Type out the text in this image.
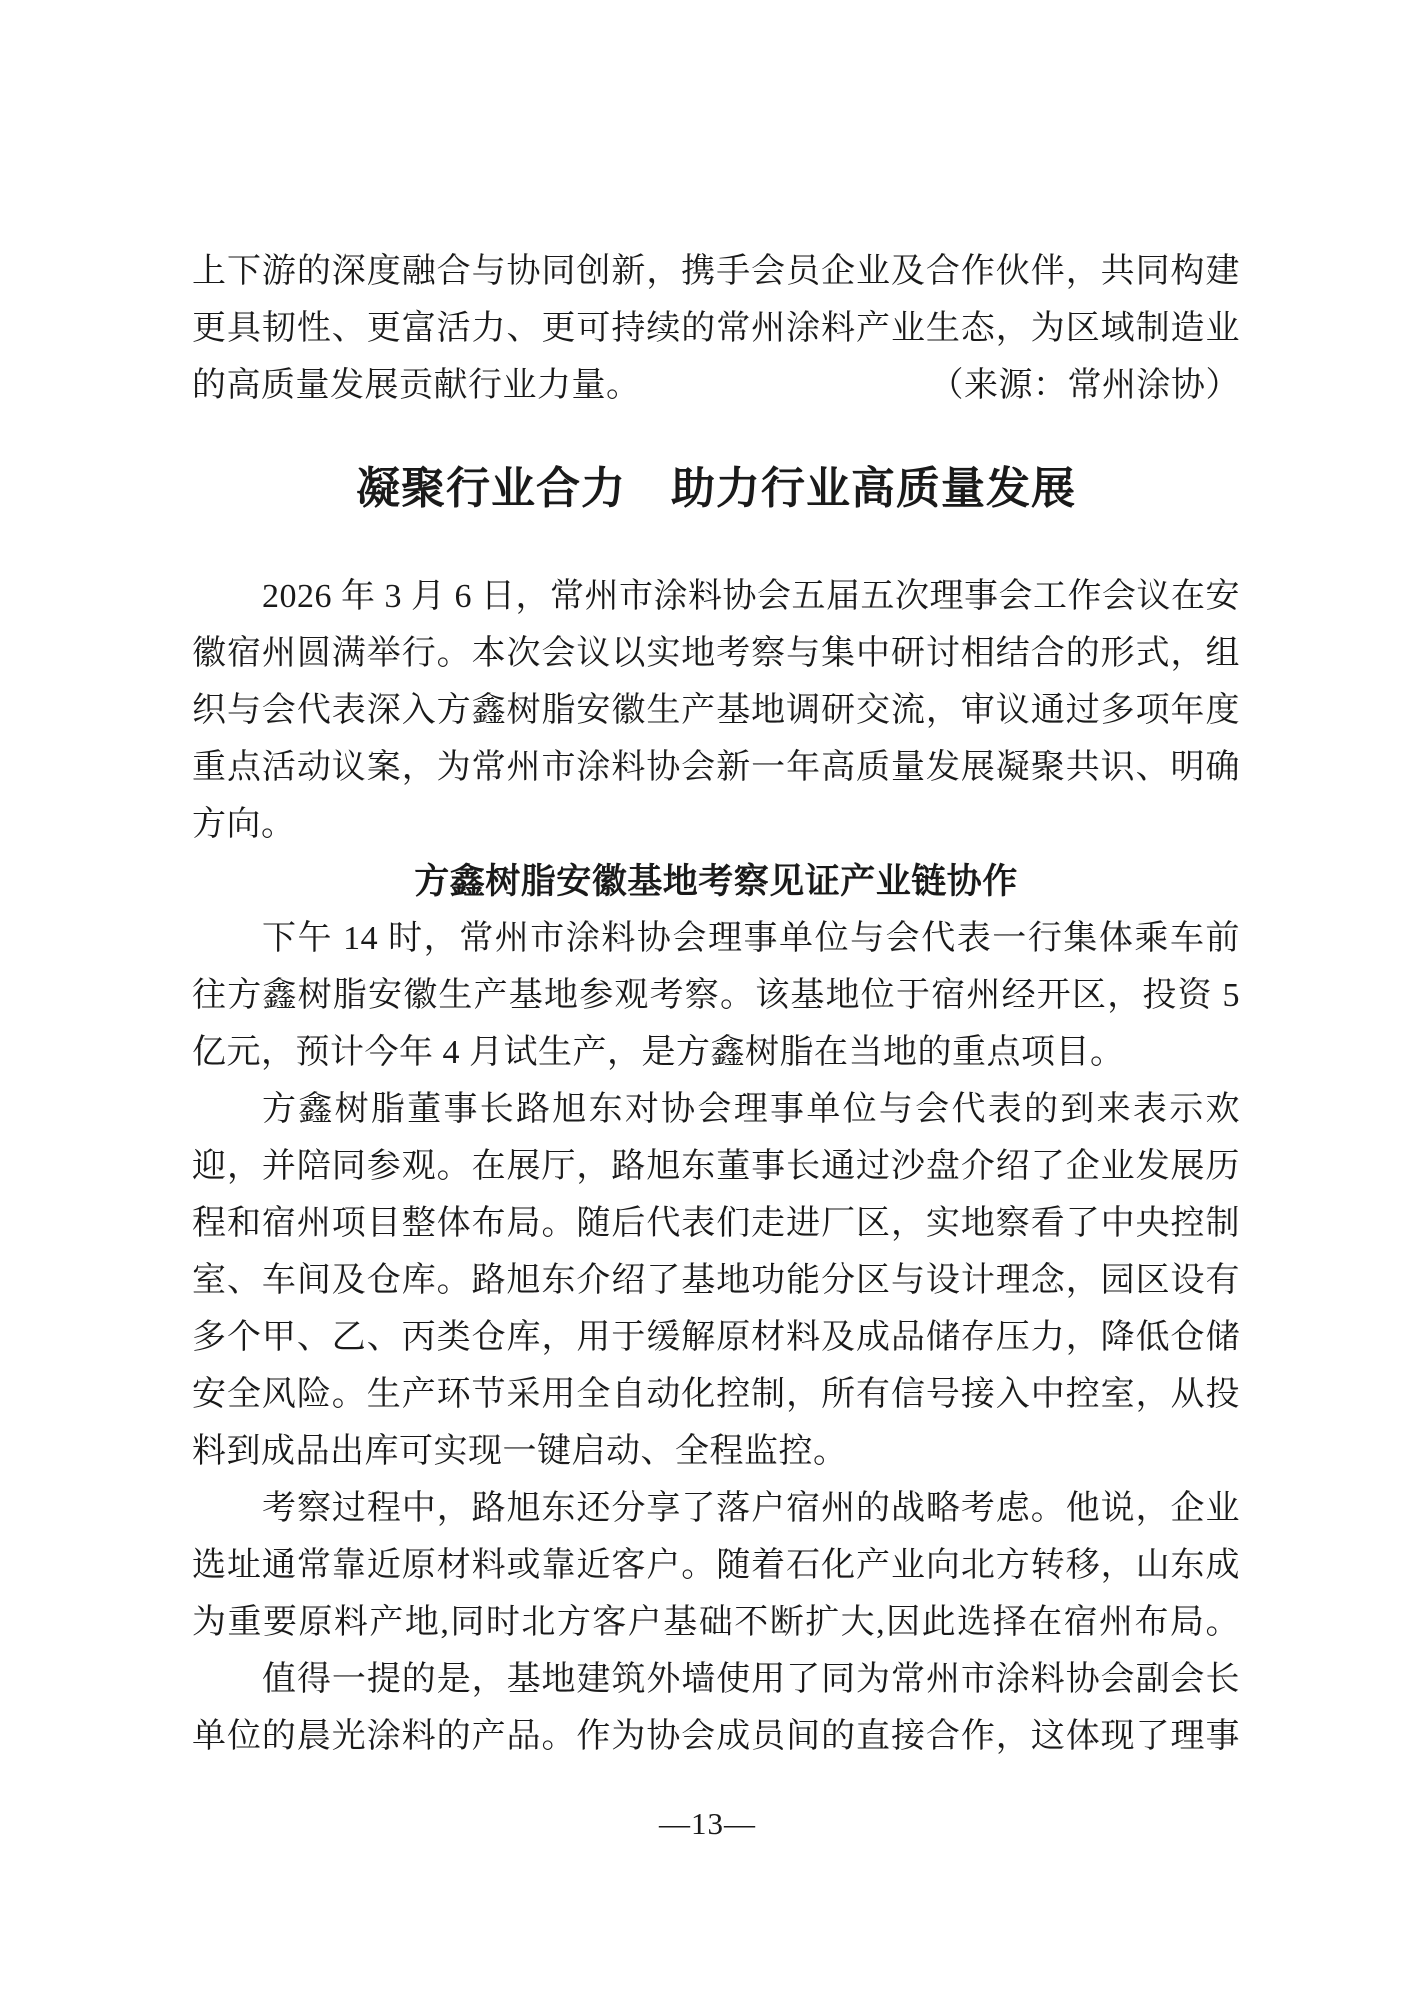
上下游的深度融合与协同创新，携手会员企业及合作伙伴，共同构建
更具韧性、更富活力、更可持续的常州涂料产业生态，为区域制造业
的高质量发展贡献行业力量。	（来源：常州涂协）
凝聚行业合力　助力行业高质量发展
2026 年 3 月 6 日，常州市涂料协会五届五次理事会工作会议在安
徽宿州圆满举行。本次会议以实地考察与集中研讨相结合的形式，组
织与会代表深入方鑫树脂安徽生产基地调研交流，审议通过多项年度
重点活动议案，为常州市涂料协会新一年高质量发展凝聚共识、明确
方向。
方鑫树脂安徽基地考察见证产业链协作
下午 14 时，常州市涂料协会理事单位与会代表一行集体乘车前
往方鑫树脂安徽生产基地参观考察。该基地位于宿州经开区，投资 5
亿元，预计今年 4 月试生产，是方鑫树脂在当地的重点项目。
方鑫树脂董事长路旭东对协会理事单位与会代表的到来表示欢
迎，并陪同参观。在展厅，路旭东董事长通过沙盘介绍了企业发展历
程和宿州项目整体布局。随后代表们走进厂区，实地察看了中央控制
室、车间及仓库。路旭东介绍了基地功能分区与设计理念，园区设有
多个甲、乙、丙类仓库，用于缓解原材料及成品储存压力，降低仓储
安全风险。生产环节采用全自动化控制，所有信号接入中控室，从投
料到成品出库可实现一键启动、全程监控。
考察过程中，路旭东还分享了落户宿州的战略考虑。他说，企业
选址通常靠近原材料或靠近客户。随着石化产业向北方转移，山东成
为重要原料产地,同时北方客户基础不断扩大,因此选择在宿州布局。
值得一提的是，基地建筑外墙使用了同为常州市涂料协会副会长
单位的晨光涂料的产品。作为协会成员间的直接合作，这体现了理事
—13—
